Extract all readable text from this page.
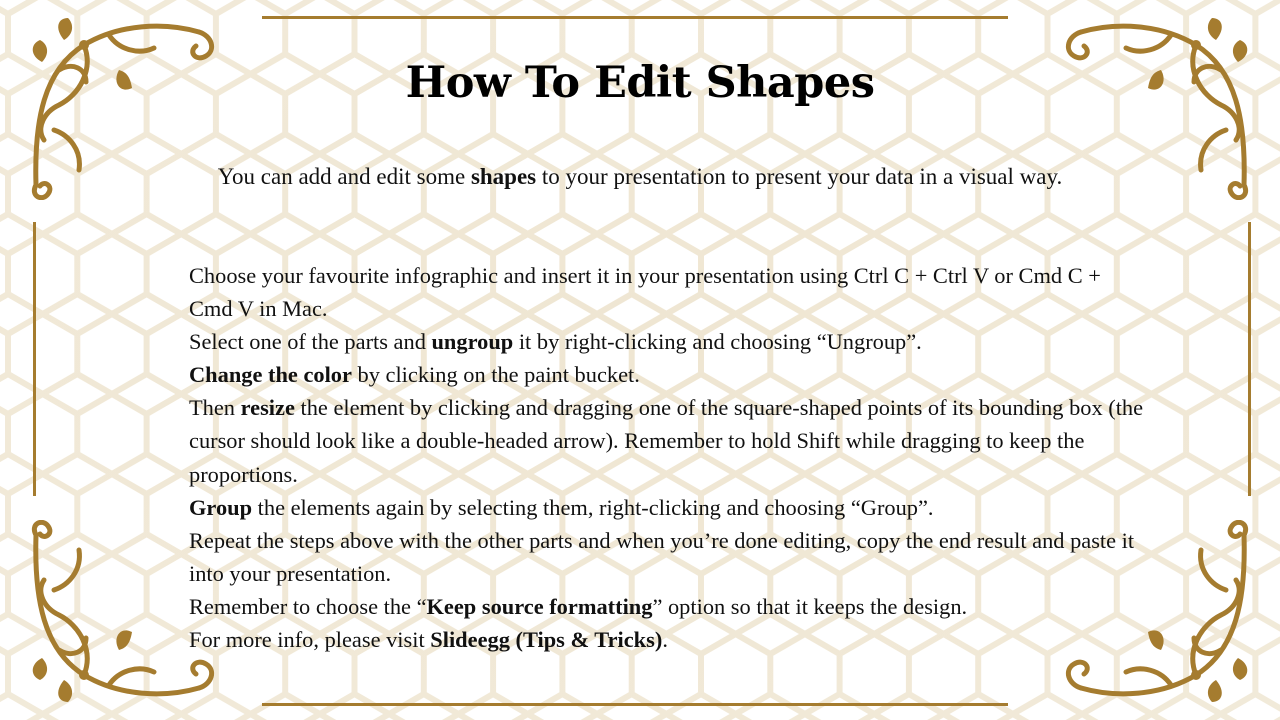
How To Edit Shapes

You can add and edit some shapes to your presentation to present your data in a visual way.

Choose your favourite infographic and insert it in your presentation using Ctrl C + Ctrl V or Cmd C + Cmd V in Mac.
Select one of the parts and ungroup it by right-clicking and choosing “Ungroup”.
Change the color by clicking on the paint bucket.
Then resize the element by clicking and dragging one of the square-shaped points of its bounding box (the cursor should look like a double-headed arrow). Remember to hold Shift while dragging to keep the proportions.
Group the elements again by selecting them, right-clicking and choosing “Group”.
Repeat the steps above with the other parts and when you’re done editing, copy the end result and paste it into your presentation.
Remember to choose the “Keep source formatting” option so that it keeps the design.
For more info, please visit Slideegg (Tips & Tricks).
